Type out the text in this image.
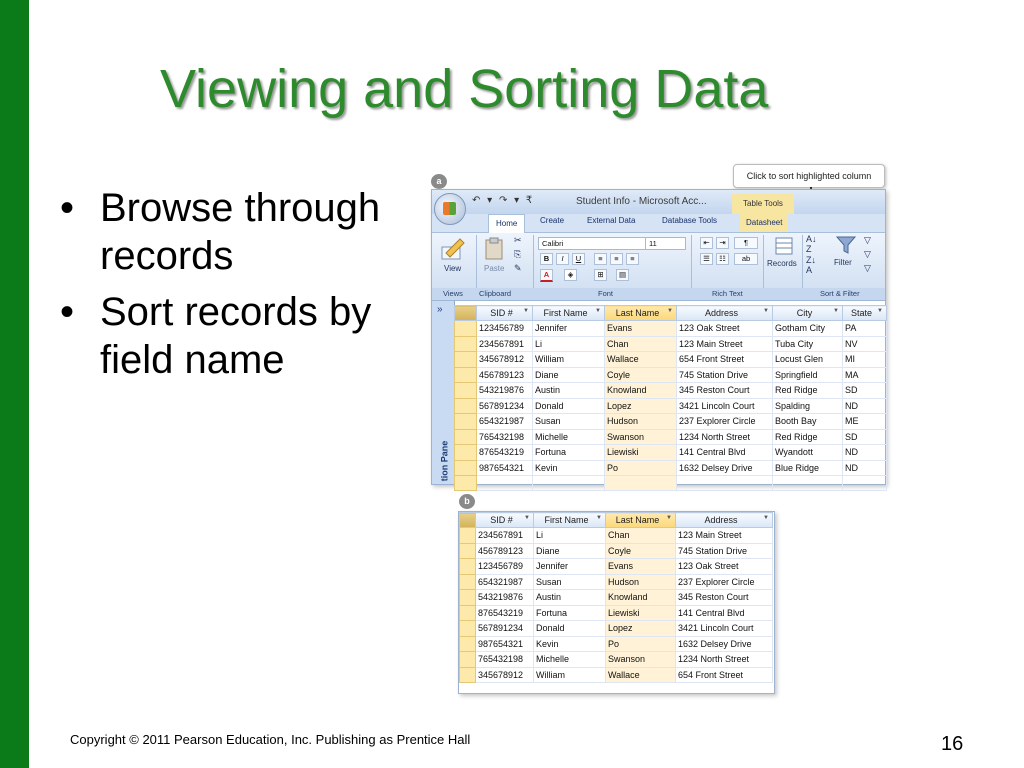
Viewing and Sorting Data
• Browse through records
• Sort records by field name
a	Click to sort highlighted column
↶ ▾ ↷ ▾ ₹	Student Info - Microsoft Acc...	Table Tools
Home	Create	External Data	Database Tools	Datasheet
View	Paste
✂
⎘
✎
Calibri	11
B	I	U	≡	≡	≡
A	◈	⊞	▤
⇤	⇥	¶
☰	☷	ab
Records
A↓
Z
Z↓
A
Filter
▽
▽
▽
Views Clipboard	Font	Rich Text	Sort & Filter
»
tion Pane
	SID # ▼	First Name ▼	Last Name ▼	Address ▼	City ▼	State ▼

	123456789	Jennifer	Evans	123 Oak Street	Gotham City	PA
	234567891	Li	Chan	123 Main Street	Tuba City	NV
	345678912	William	Wallace	654 Front Street	Locust Glen	MI
	456789123	Diane	Coyle	745 Station Drive	Springfield	MA
	543219876	Austin	Knowland	345 Reston Court	Red Ridge	SD
	567891234	Donald	Lopez	3421 Lincoln Court	Spalding	ND
	654321987	Susan	Hudson	237 Explorer Circle	Booth Bay	ME
	765432198	Michelle	Swanson	1234 North Street	Red Ridge	SD
	876543219	Fortuna	Liewiski	141 Central Blvd	Wyandott	ND
	987654321	Kevin	Po	1632 Delsey Drive	Blue Ridge	ND

b
	SID # ▼	First Name ▼	Last Name ▼	Address ▼

	234567891	Li	Chan	123 Main Street
	456789123	Diane	Coyle	745 Station Drive
	123456789	Jennifer	Evans	123 Oak Street
	654321987	Susan	Hudson	237 Explorer Circle
	543219876	Austin	Knowland	345 Reston Court
	876543219	Fortuna	Liewiski	141 Central Blvd
	567891234	Donald	Lopez	3421 Lincoln Court
	987654321	Kevin	Po	1632 Delsey Drive
	765432198	Michelle	Swanson	1234 North Street
	345678912	William	Wallace	654 Front Street
Copyright © 2011 Pearson Education, Inc. Publishing as Prentice Hall	16
